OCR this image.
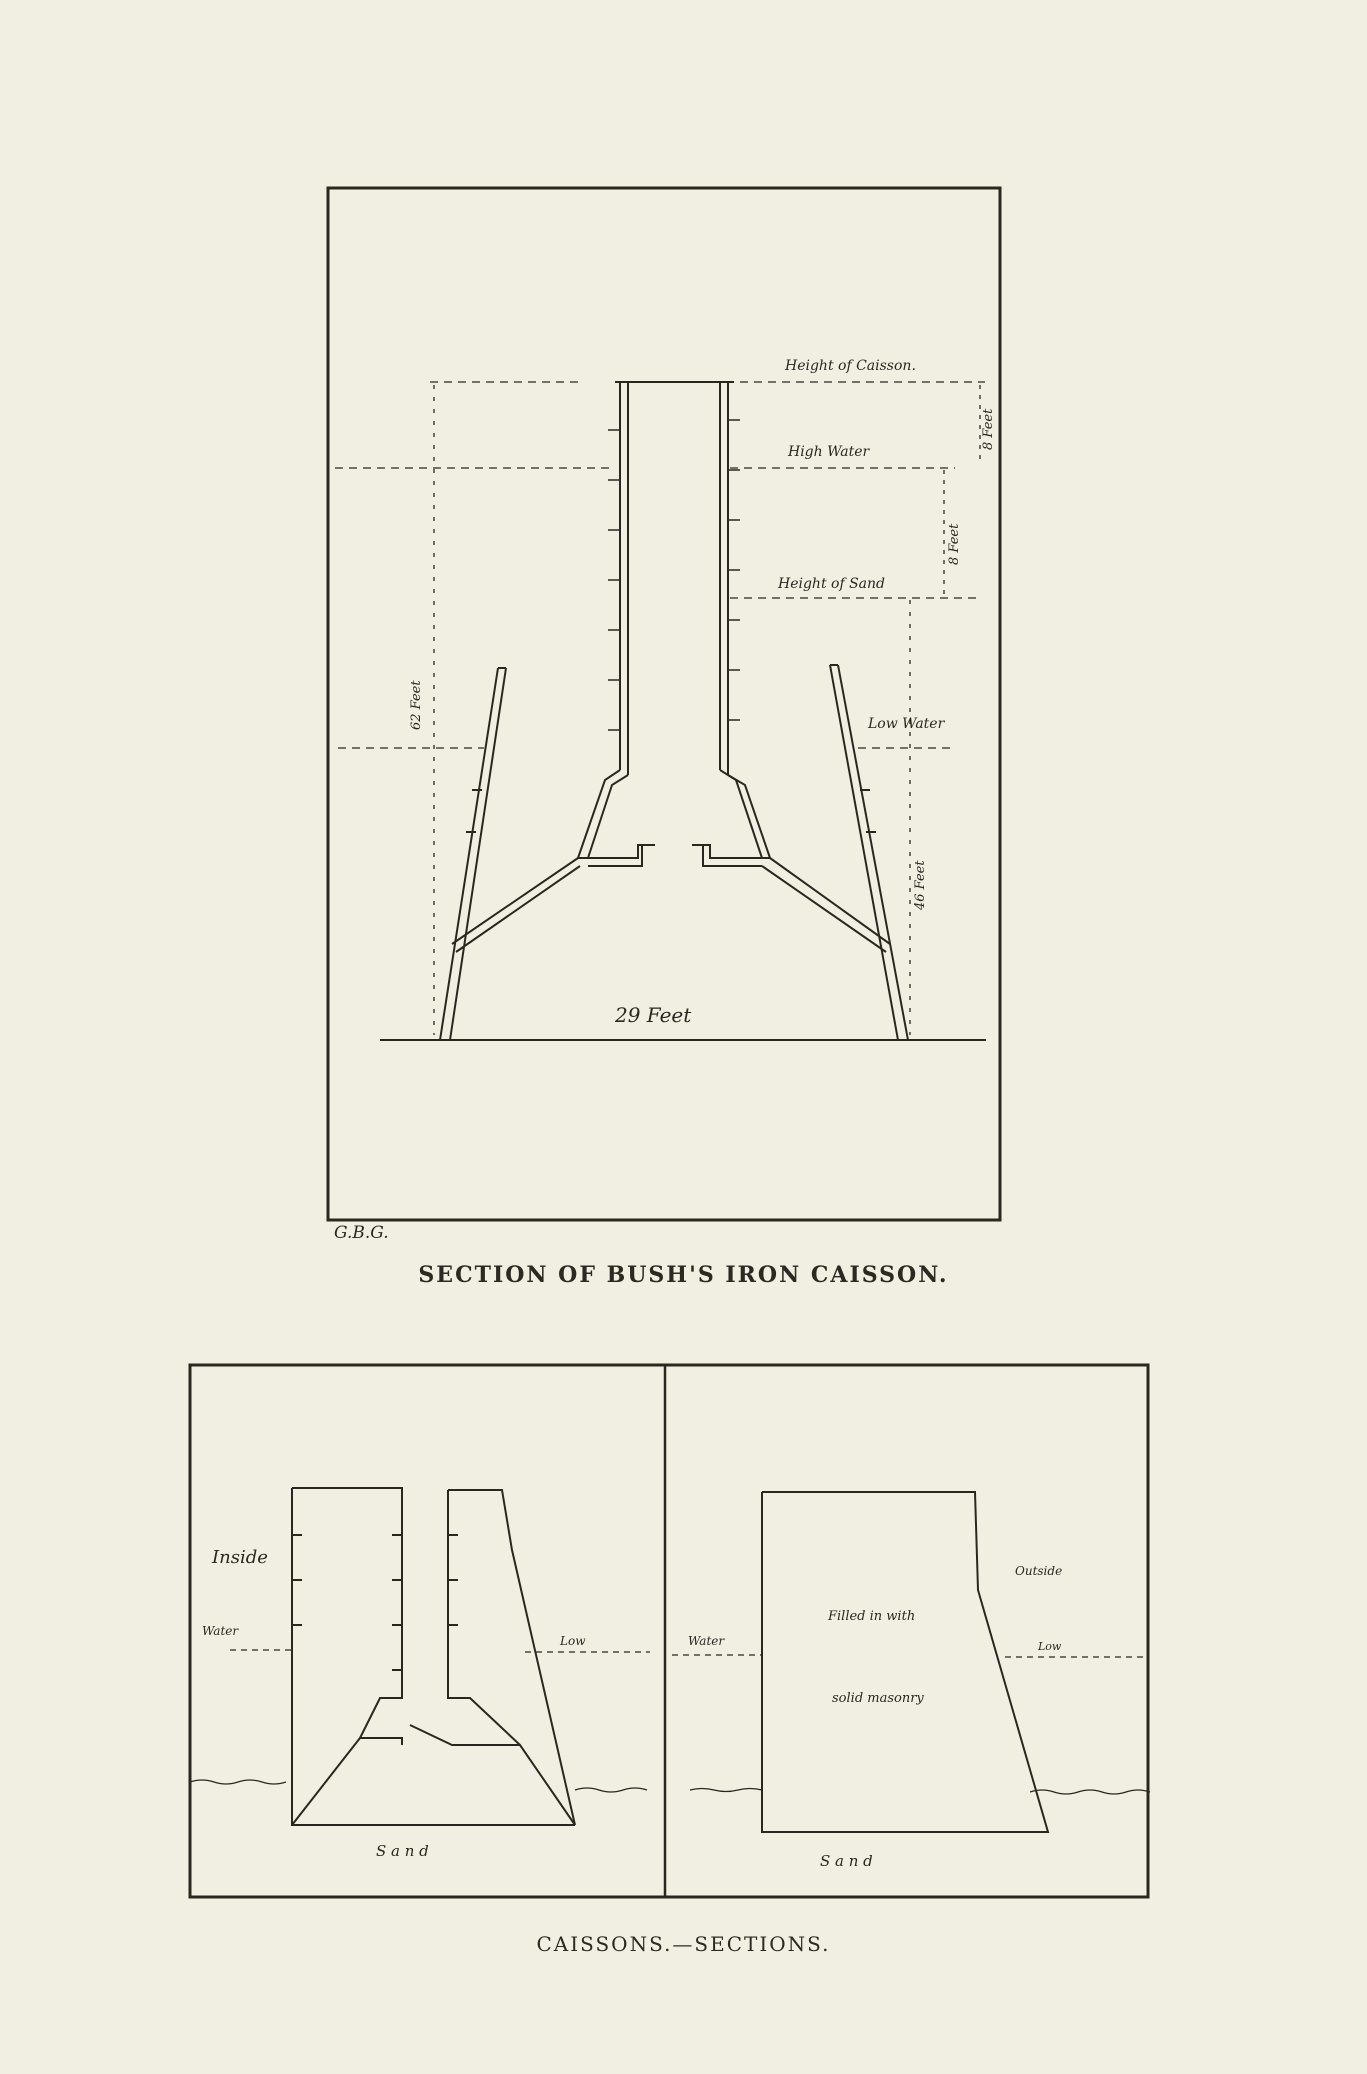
Height of Caisson.
High Water
Height of Sand
Low Water
29 Feet
62 Feet
8 Feet
8 Feet
46 Feet
G.B.G.
Inside
Water
Low
S a n d
Water
Outside
Low
Filled in with
solid masonry
S a n d
SECTION OF BUSH'S IRON CAISSON.
CAISSONS.—SECTIONS.
